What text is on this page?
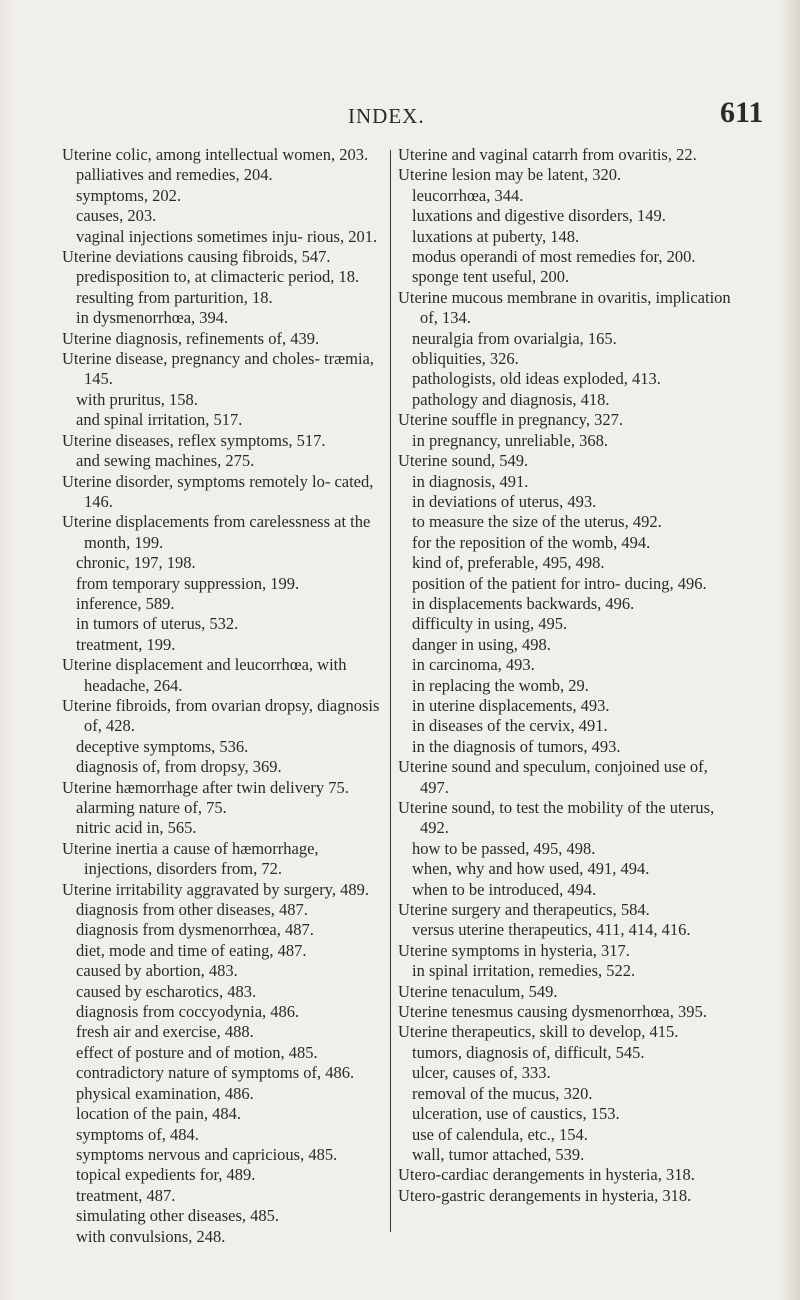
INDEX.	611
Uterine colic, among intellectual women, 203.
palliatives and remedies, 204.
symptoms, 202.
causes, 203.
vaginal injections sometimes inju- rious, 201.
Uterine deviations causing fibroids, 547.
predisposition to, at climacteric period, 18.
resulting from parturition, 18.
in dysmenorrhœa, 394.
Uterine diagnosis, refinements of, 439.
Uterine disease, pregnancy and choles- træmia, 145.
with pruritus, 158.
and spinal irritation, 517.
Uterine diseases, reflex symptoms, 517.
and sewing machines, 275.
Uterine disorder, symptoms remotely lo- cated, 146.
Uterine displacements from carelessness at the month, 199.
chronic, 197, 198.
from temporary suppression, 199.
inference, 589.
in tumors of uterus, 532.
treatment, 199.
Uterine displacement and leucorrhœa, with headache, 264.
Uterine fibroids, from ovarian dropsy, diagnosis of, 428.
deceptive symptoms, 536.
diagnosis of, from dropsy, 369.
Uterine hæmorrhage after twin delivery 75.
alarming nature of, 75.
nitric acid in, 565.
Uterine inertia a cause of hæmorrhage, injections, disorders from, 72.
Uterine irritability aggravated by surgery, 489.
diagnosis from other diseases, 487.
diagnosis from dysmenorrhœa, 487.
diet, mode and time of eating, 487.
caused by abortion, 483.
caused by escharotics, 483.
diagnosis from coccyodynia, 486.
fresh air and exercise, 488.
effect of posture and of motion, 485.
contradictory nature of symptoms of, 486.
physical examination, 486.
location of the pain, 484.
symptoms of, 484.
symptoms nervous and capricious, 485.
topical expedients for, 489.
treatment, 487.
simulating other diseases, 485.
with convulsions, 248.
Uterine and vaginal catarrh from ovaritis, 22.
Uterine lesion may be latent, 320.
leucorrhœa, 344.
luxations and digestive disorders, 149.
luxations at puberty, 148.
modus operandi of most remedies for, 200.
sponge tent useful, 200.
Uterine mucous membrane in ovaritis, implication of, 134.
neuralgia from ovarialgia, 165.
obliquities, 326.
pathologists, old ideas exploded, 413.
pathology and diagnosis, 418.
Uterine souffle in pregnancy, 327.
in pregnancy, unreliable, 368.
Uterine sound, 549.
in diagnosis, 491.
in deviations of uterus, 493.
to measure the size of the uterus, 492.
for the reposition of the womb, 494.
kind of, preferable, 495, 498.
position of the patient for intro- ducing, 496.
in displacements backwards, 496.
difficulty in using, 495.
danger in using, 498.
in carcinoma, 493.
in replacing the womb, 29.
in uterine displacements, 493.
in diseases of the cervix, 491.
in the diagnosis of tumors, 493.
Uterine sound and speculum, conjoined use of, 497.
Uterine sound, to test the mobility of the uterus, 492.
how to be passed, 495, 498.
when, why and how used, 491, 494.
when to be introduced, 494.
Uterine surgery and therapeutics, 584.
versus uterine therapeutics, 411, 414, 416.
Uterine symptoms in hysteria, 317.
in spinal irritation, remedies, 522.
Uterine tenaculum, 549.
Uterine tenesmus causing dysmenorrhœa, 395.
Uterine therapeutics, skill to develop, 415.
tumors, diagnosis of, difficult, 545.
ulcer, causes of, 333.
removal of the mucus, 320.
ulceration, use of caustics, 153.
use of calendula, etc., 154.
wall, tumor attached, 539.
Utero-cardiac derangements in hysteria, 318.
Utero-gastric derangements in hysteria, 318.
